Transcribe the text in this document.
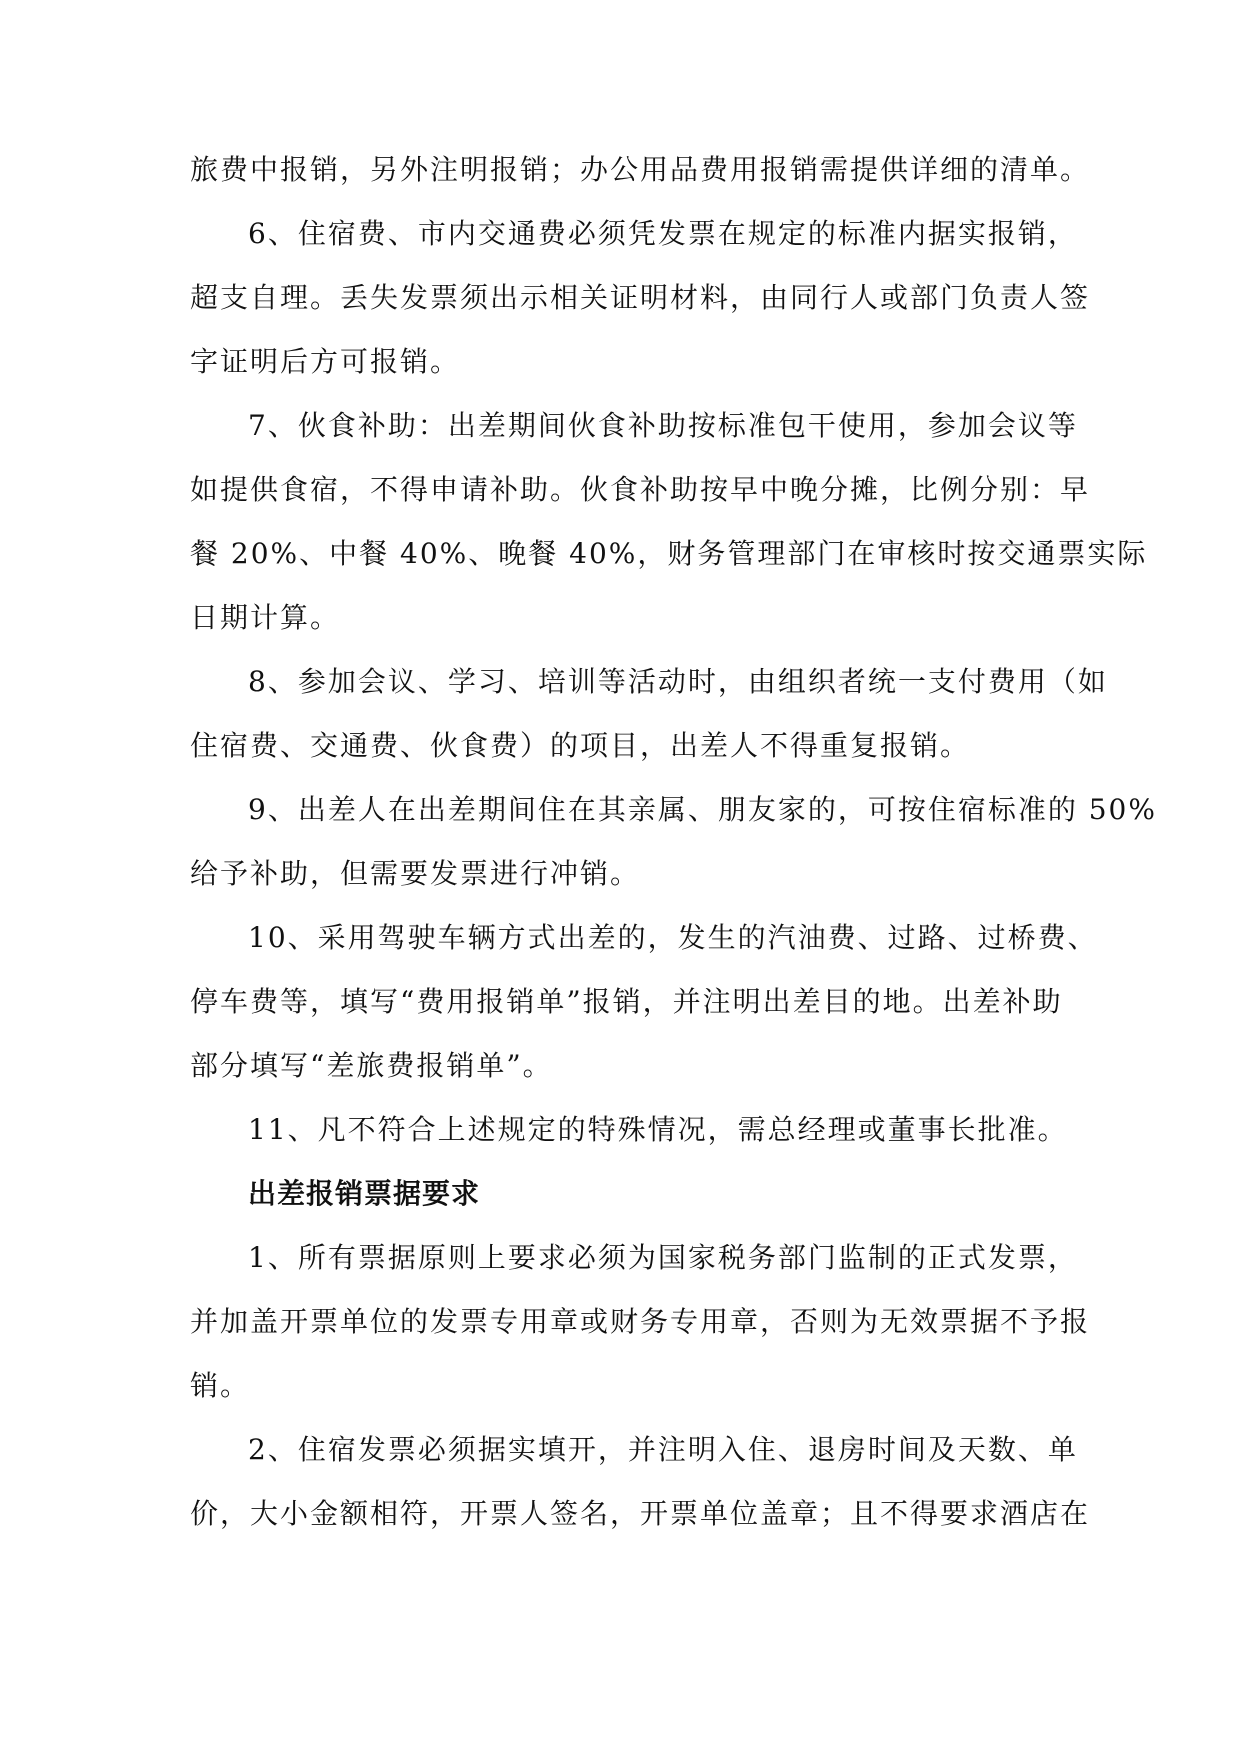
旅费中报销，另外注明报销；办公用品费用报销需提供详细的清单。
6、住宿费、市内交通费必须凭发票在规定的标准内据实报销，
超支自理。丢失发票须出示相关证明材料，由同行人或部门负责人签
字证明后方可报销。
7、伙食补助：出差期间伙食补助按标准包干使用，参加会议等
如提供食宿，不得申请补助。伙食补助按早中晚分摊，比例分别：早
餐 20%、中餐 40%、晚餐 40%，财务管理部门在审核时按交通票实际
日期计算。
8、参加会议、学习、培训等活动时，由组织者统一支付费用（如
住宿费、交通费、伙食费）的项目，出差人不得重复报销。
9、出差人在出差期间住在其亲属、朋友家的，可按住宿标准的 50%
给予补助，但需要发票进行冲销。
10、采用驾驶车辆方式出差的，发生的汽油费、过路、过桥费、
停车费等，填写“费用报销单”报销，并注明出差目的地。出差补助
部分填写“差旅费报销单”。
11、凡不符合上述规定的特殊情况，需总经理或董事长批准。
出差报销票据要求
1、所有票据原则上要求必须为国家税务部门监制的正式发票，
并加盖开票单位的发票专用章或财务专用章，否则为无效票据不予报
销。
2、住宿发票必须据实填开，并注明入住、退房时间及天数、单
价，大小金额相符，开票人签名，开票单位盖章；且不得要求酒店在
